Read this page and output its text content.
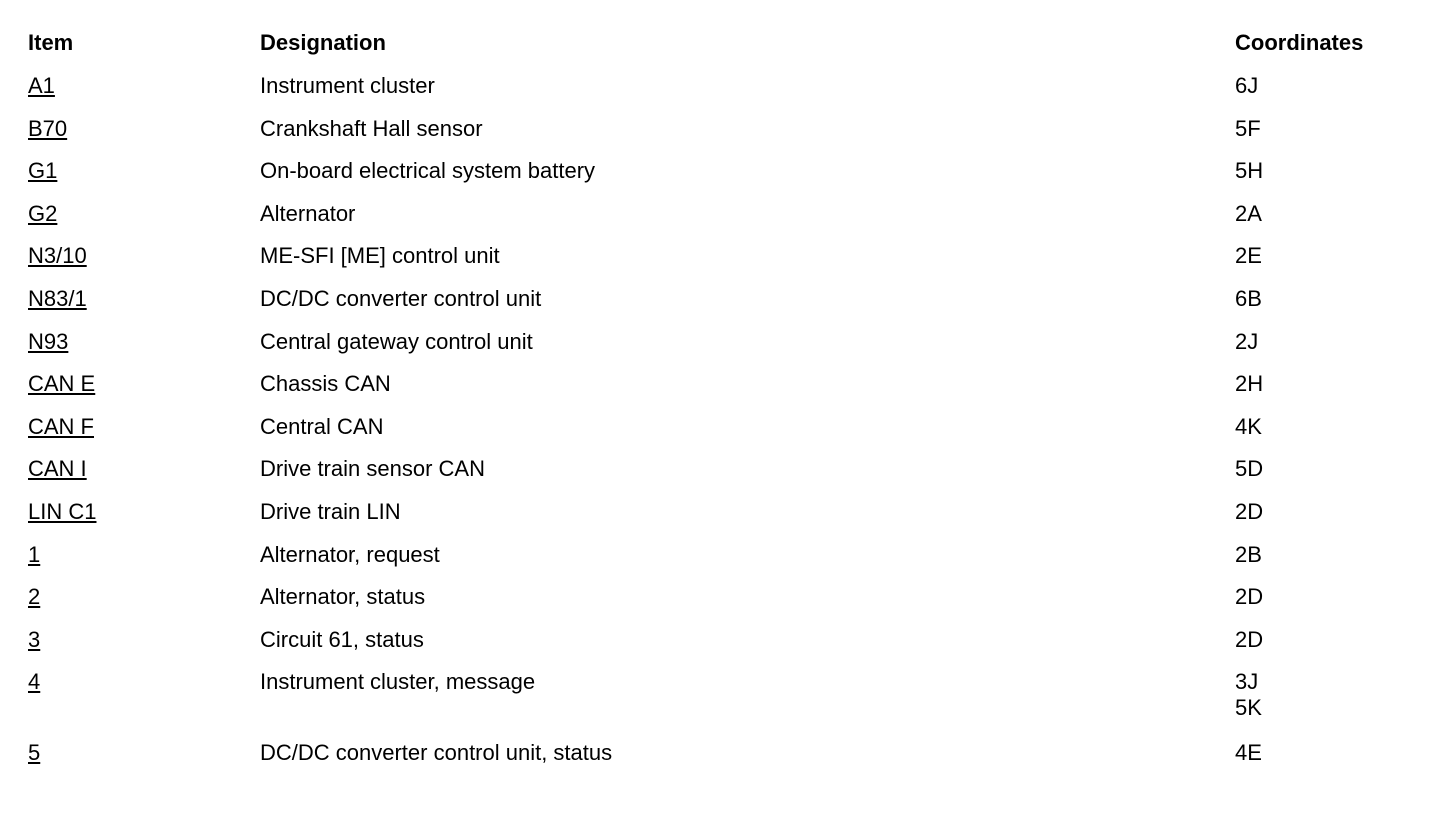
Item	Designation	Coordinates
A1	Instrument cluster	6J
B70	Crankshaft Hall sensor	5F
G1	On-board electrical system battery	5H
G2	Alternator	2A
N3/10	ME-SFI [ME] control unit	2E
N83/1	DC/DC converter control unit	6B
N93	Central gateway control unit	2J
CAN E	Chassis CAN	2H
CAN F	Central CAN	4K
CAN I	Drive train sensor CAN	5D
LIN C1	Drive train LIN	2D
1	Alternator, request	2B
2	Alternator, status	2D
3	Circuit 61, status	2D
4	Instrument cluster, message	3J
5K
5	DC/DC converter control unit, status	4E
